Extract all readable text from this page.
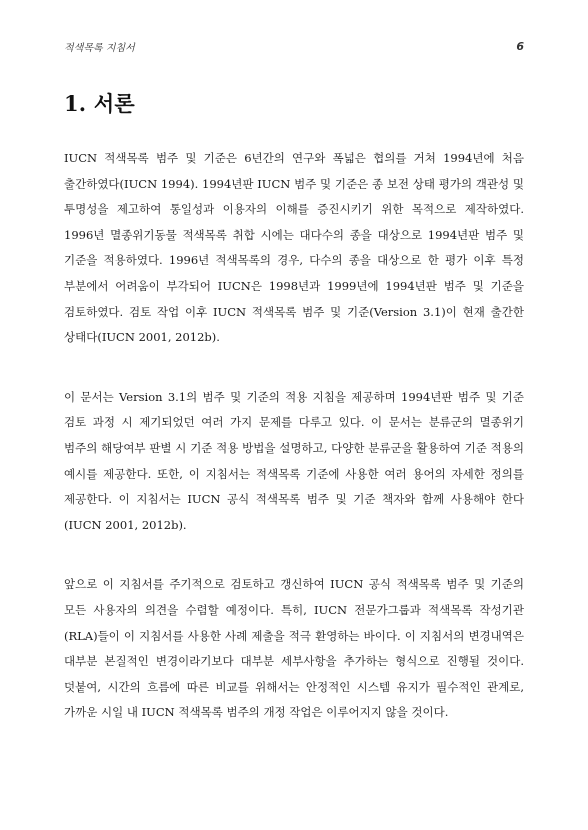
적색목록 지침서	6
1. 서론

IUCN 적색목록 범주 및 기준은 6년간의 연구와 폭넓은 협의를 거쳐 1994년에 처음 출간하였다(IUCN 1994). 1994년판 IUCN 범주 및 기준은 종 보전 상태 평가의 객관성 및 투명성을 제고하여 통일성과 이용자의 이해를 증진시키기 위한 목적으로 제작하였다. 1996년 멸종위기동물 적색목록 취합 시에는 대다수의 종을 대상으로 1994년판 범주 및 기준을 적용하였다. 1996년 적색목록의 경우, 다수의 종을 대상으로 한 평가 이후 특정 부분에서 어려움이 부각되어 IUCN은 1998년과 1999년에 1994년판 범주 및 기준을 검토하였다. 검토 작업 이후 IUCN 적색목록 범주 및 기준(Version 3.1)이 현재 출간한 상태다(IUCN 2001, 2012b).

이 문서는 Version 3.1의 범주 및 기준의 적용 지침을 제공하며 1994년판 범주 및 기준 검토 과정 시 제기되었던 여러 가지 문제를 다루고 있다. 이 문서는 분류군의 멸종위기 범주의 해당여부 판별 시 기준 적용 방법을 설명하고, 다양한 분류군을 활용하여 기준 적용의 예시를 제공한다. 또한, 이 지침서는 적색목록 기준에 사용한 여러 용어의 자세한 정의를 제공한다. 이 지침서는 IUCN 공식 적색목록 범주 및 기준 책자와 함께 사용해야 한다(IUCN 2001, 2012b).

앞으로 이 지침서를 주기적으로 검토하고 갱신하여 IUCN 공식 적색목록 범주 및 기준의 모든 사용자의 의견을 수렴할 예정이다. 특히, IUCN 전문가그룹과 적색목록 작성기관(RLA)들이 이 지침서를 사용한 사례 제출을 적극 환영하는 바이다. 이 지침서의 변경내역은 대부분 본질적인 변경이라기보다 대부분 세부사항을 추가하는 형식으로 진행될 것이다. 덧붙여, 시간의 흐름에 따른 비교를 위해서는 안정적인 시스템 유지가 필수적인 관계로, 가까운 시일 내 IUCN 적색목록 범주의 개정 작업은 이루어지지 않을 것이다.
